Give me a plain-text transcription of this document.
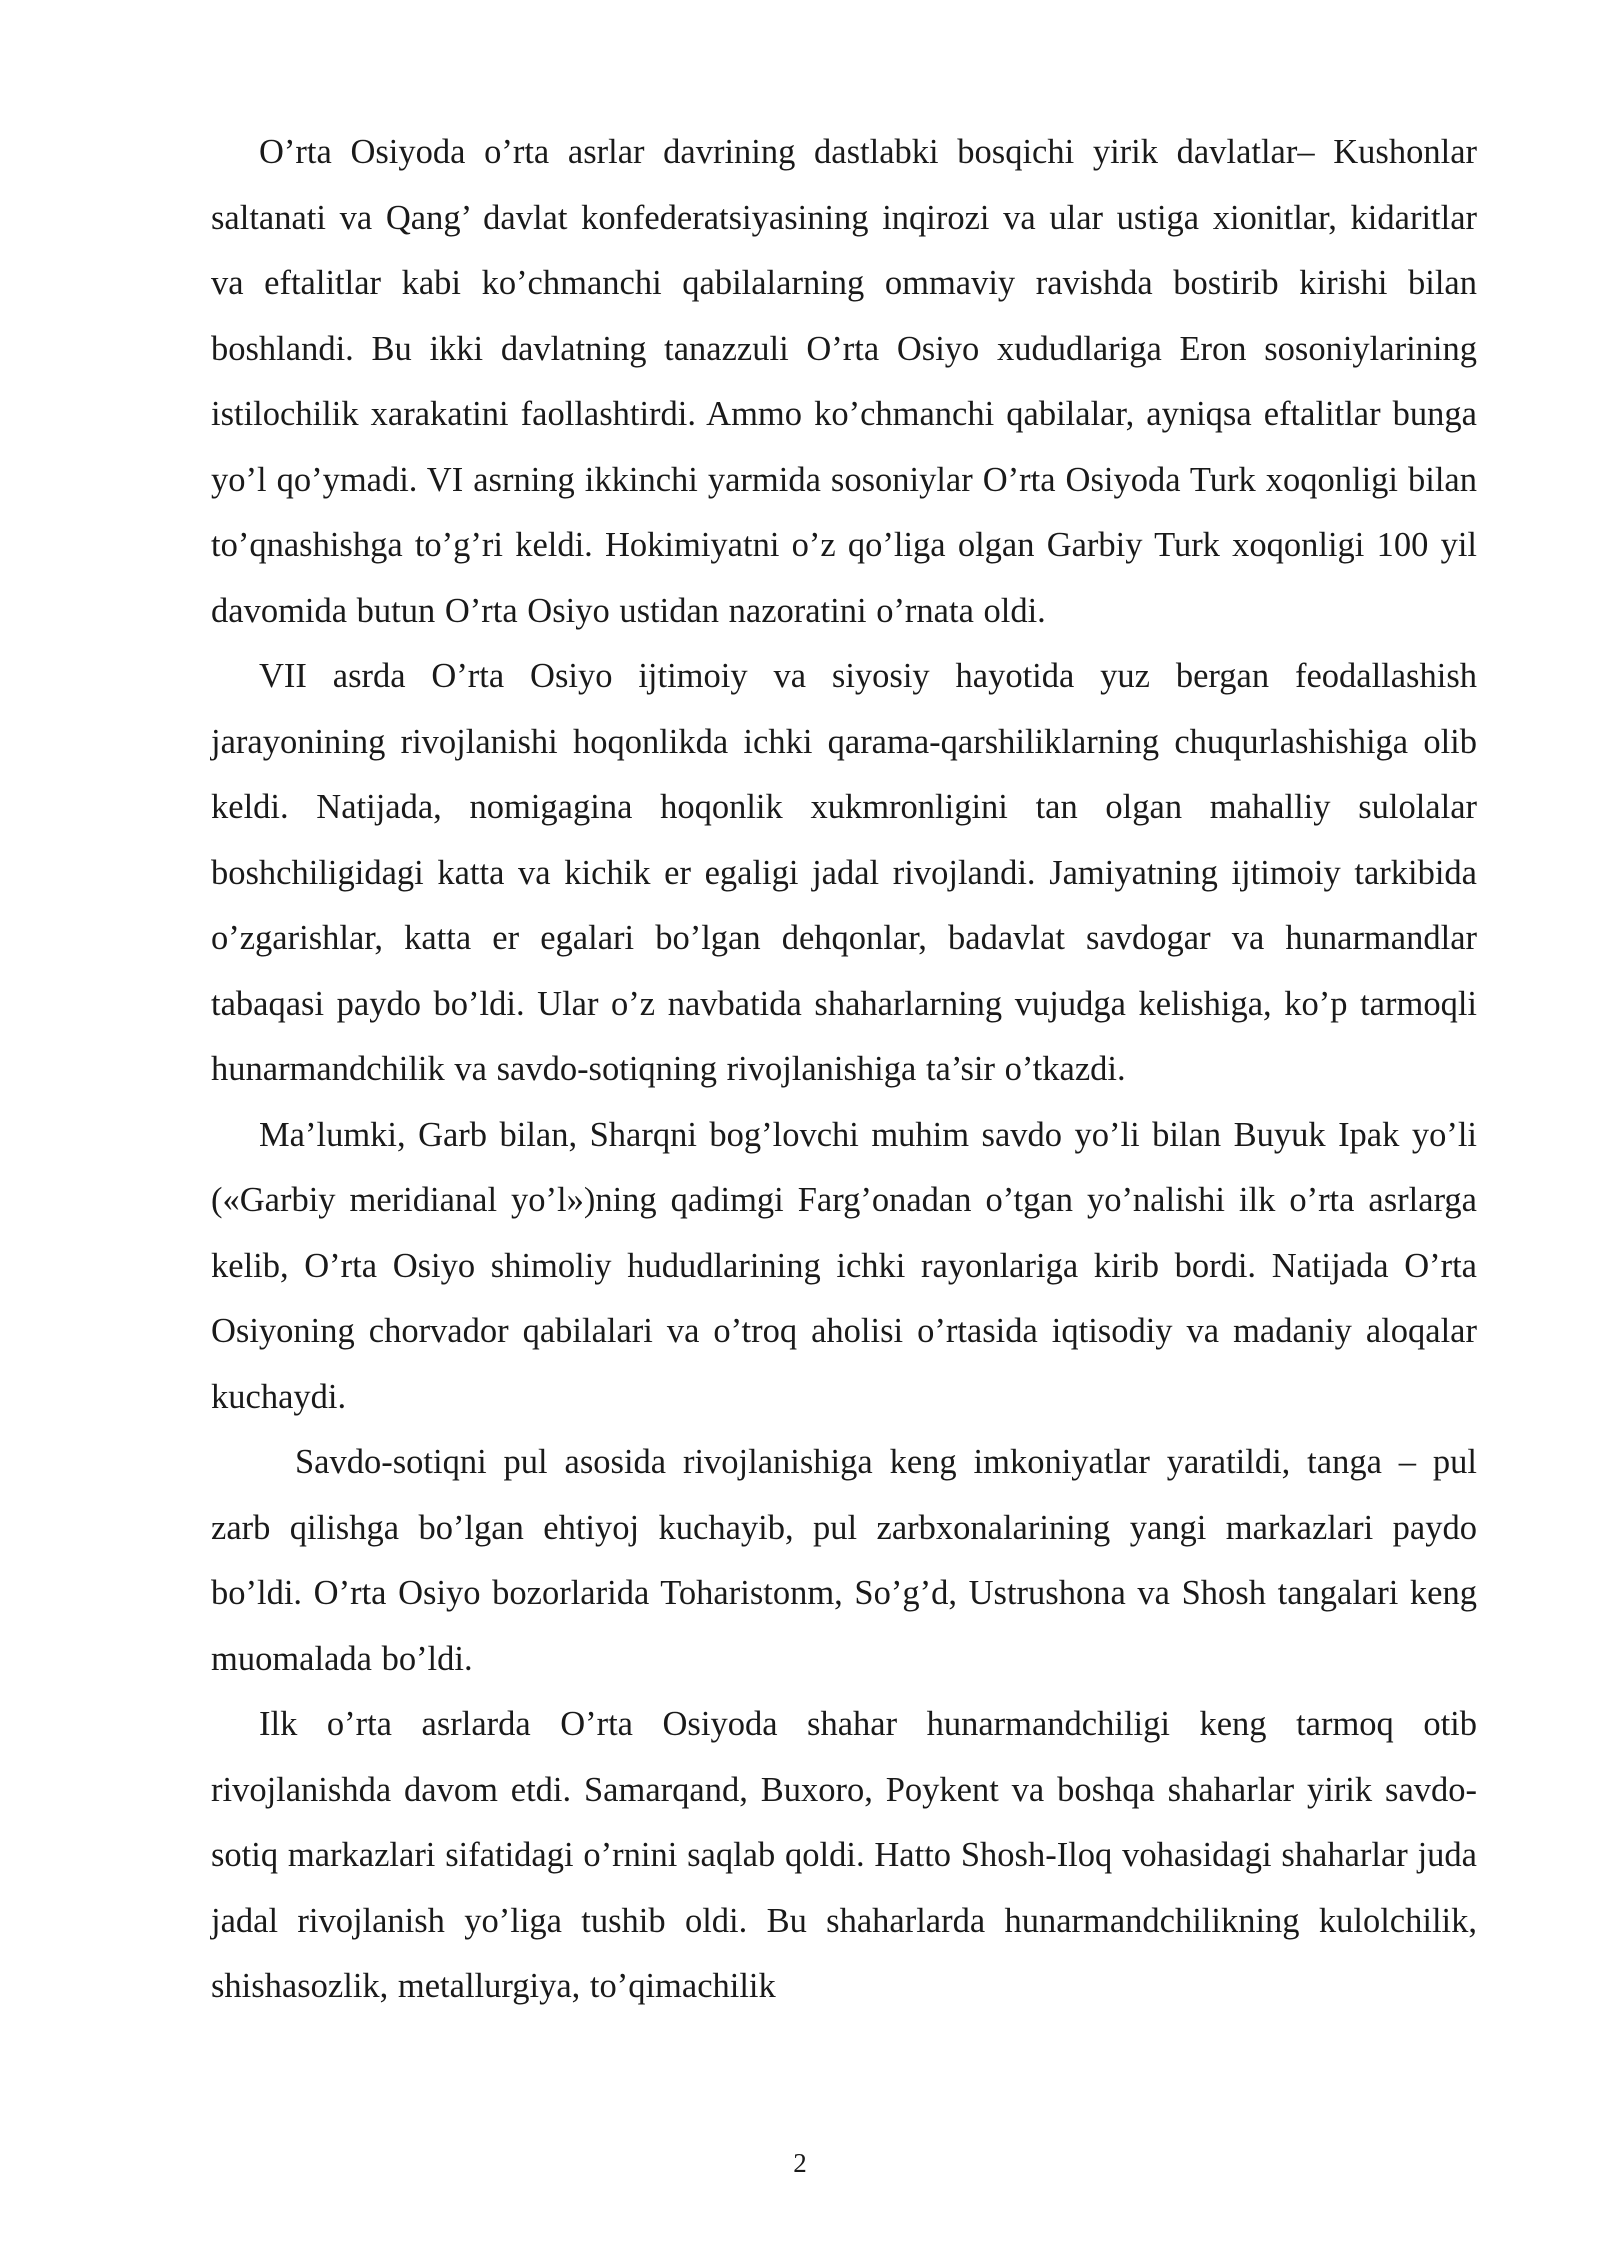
O’rta Osiyoda o’rta asrlar davrining dastlabki bosqichi yirik davlatlar– Kushonlar saltanati va Qang’ davlat konfederatsiyasining inqirozi va ular ustiga xionitlar, kidaritlar va eftalitlar kabi ko’chmanchi qabilalarning ommaviy ravishda bostirib kirishi bilan boshlandi. Bu ikki davlatning tanazzuli O’rta Osiyo xududlariga Eron sosoniylarining istilochilik xarakatini faollashtirdi. Ammo ko’chmanchi qabilalar, ayniqsa eftalitlar bunga yo’l qo’ymadi. VI asrning ikkinchi yarmida sosoniylar O’rta Osiyoda Turk xoqonligi bilan to’qnashishga to’g’ri keldi. Hokimiyatni o’z qo’liga olgan Garbiy Turk xoqonligi 100 yil davomida butun O’rta Osiyo ustidan nazoratini o’rnata oldi.

VII asrda O’rta Osiyo ijtimoiy va siyosiy hayotida yuz bergan feodallashish jarayonining rivojlanishi hoqonlikda ichki qarama-qarshiliklarning chuqurlashishiga olib keldi. Natijada, nomigagina hoqonlik xukmronligini tan olgan mahalliy sulolalar boshchiligidagi katta va kichik er egaligi jadal rivojlandi. Jamiyatning ijtimoiy tarkibida o’zgarishlar, katta er egalari bo’lgan dehqonlar, badavlat savdogar va hunarmandlar tabaqasi paydo bo’ldi. Ular o’z navbatida shaharlarning vujudga kelishiga, ko’p tarmoqli hunarmandchilik va savdo-sotiqning rivojlanishiga ta’sir o’tkazdi.

Ma’lumki, Garb bilan, Sharqni bog’lovchi muhim savdo yo’li bilan Buyuk Ipak yo’li («Garbiy meridianal yo’l»)ning qadimgi Farg’onadan o’tgan yo’nalishi ilk o’rta asrlarga kelib, O’rta Osiyo shimoliy hududlarining ichki rayonlariga kirib bordi. Natijada O’rta Osiyoning chorvador qabilalari va o’troq aholisi o’rtasida iqtisodiy va madaniy aloqalar kuchaydi.

Savdo-sotiqni pul asosida rivojlanishiga keng imkoniyatlar yaratildi, tanga – pul zarb qilishga bo’lgan ehtiyoj kuchayib, pul zarbxonalarining yangi markazlari paydo bo’ldi. O’rta Osiyo bozorlarida Toharistonm, So’g’d, Ustrushona va Shosh tangalari keng muomalada bo’ldi.

Ilk o’rta asrlarda O’rta Osiyoda shahar hunarmandchiligi keng tarmoq otib rivojlanishda davom etdi. Samarqand, Buxoro, Poykent va boshqa shaharlar yirik savdo-sotiq markazlari sifatidagi o’rnini saqlab qoldi. Hatto Shosh-Iloq vohasidagi shaharlar juda jadal rivojlanish yo’liga tushib oldi. Bu shaharlarda hunarmandchilikning kulolchilik, shishasozlik, metallurgiya, to’qimachilik

2
